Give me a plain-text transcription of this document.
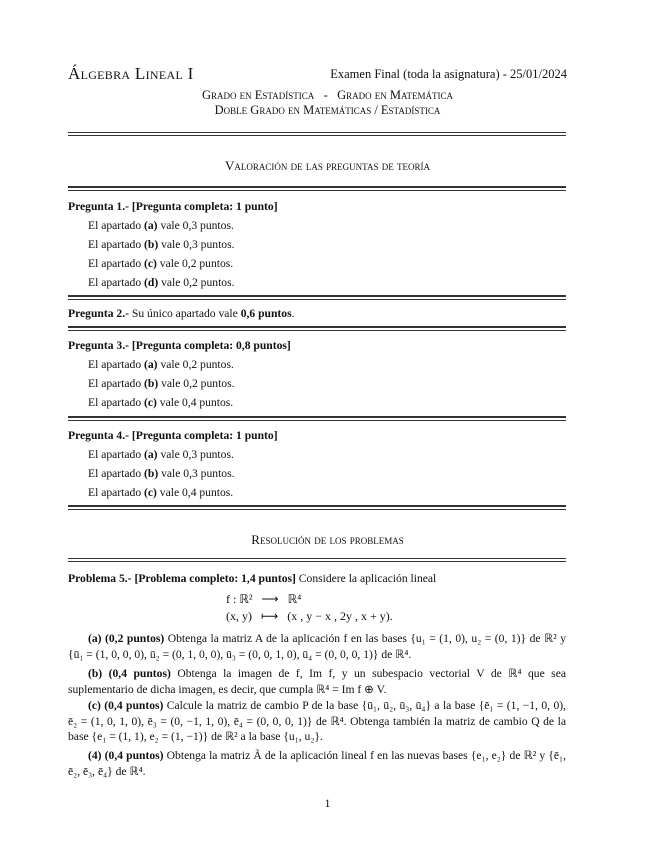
Álgebra Lineal I	Examen Final (toda la asignatura) - 25/01/2024
Grado en Estadística   -   Grado en Matemática
Doble Grado en Matemáticas / Estadística
Valoración de las preguntas de teoría
Pregunta 1.- [Pregunta completa: 1 punto]
El apartado (a) vale 0,3 puntos.
El apartado (b) vale 0,3 puntos.
El apartado (c) vale 0,2 puntos.
El apartado (d) vale 0,2 puntos.
Pregunta 2.- Su único apartado vale 0,6 puntos.
Pregunta 3.- [Pregunta completa: 0,8 puntos]
El apartado (a) vale 0,2 puntos.
El apartado (b) vale 0,2 puntos.
El apartado (c) vale 0,4 puntos.
Pregunta 4.- [Pregunta completa: 1 punto]
El apartado (a) vale 0,3 puntos.
El apartado (b) vale 0,3 puntos.
El apartado (c) vale 0,4 puntos.
Resolución de los problemas
Problema 5.- [Problema completo: 1,4 puntos] Considere la aplicación lineal
f : ℝ²   ⟶   ℝ⁴
(x, y)   ⟼   (x , y − x , 2y , x + y).
(a) (0,2 puntos) Obtenga la matriz A de la aplicación f en las bases {u₁ = (1, 0), u₂ = (0, 1)} de ℝ² y {ū₁ = (1, 0, 0, 0), ū₂ = (0, 1, 0, 0), ū₃ = (0, 0, 1, 0), ū₄ = (0, 0, 0, 1)} de ℝ⁴.
(b) (0,4 puntos) Obtenga la imagen de f, Im f, y un subespacio vectorial V de ℝ⁴ que sea suplementario de dicha imagen, es decir, que cumpla ℝ⁴ = Im f ⊕ V.
(c) (0,4 puntos) Calcule la matriz de cambio P de la base {ū₁, ū₂, ū₃, ū₄} a la base {ē₁ = (1, −1, 0, 0), ē₂ = (1, 0, 1, 0), ē₃ = (0, −1, 1, 0), ē₄ = (0, 0, 0, 1)} de ℝ⁴. Obtenga también la matriz de cambio Q de la base {e₁ = (1, 1), e₂ = (1, −1)} de ℝ² a la base {u₁, u₂}.
(4) (0,4 puntos) Obtenga la matriz Ã de la aplicación lineal f en las nuevas bases {e₁, e₂} de ℝ² y {ē₁, ē₂, ē₃, ē₄} de ℝ⁴.
1
